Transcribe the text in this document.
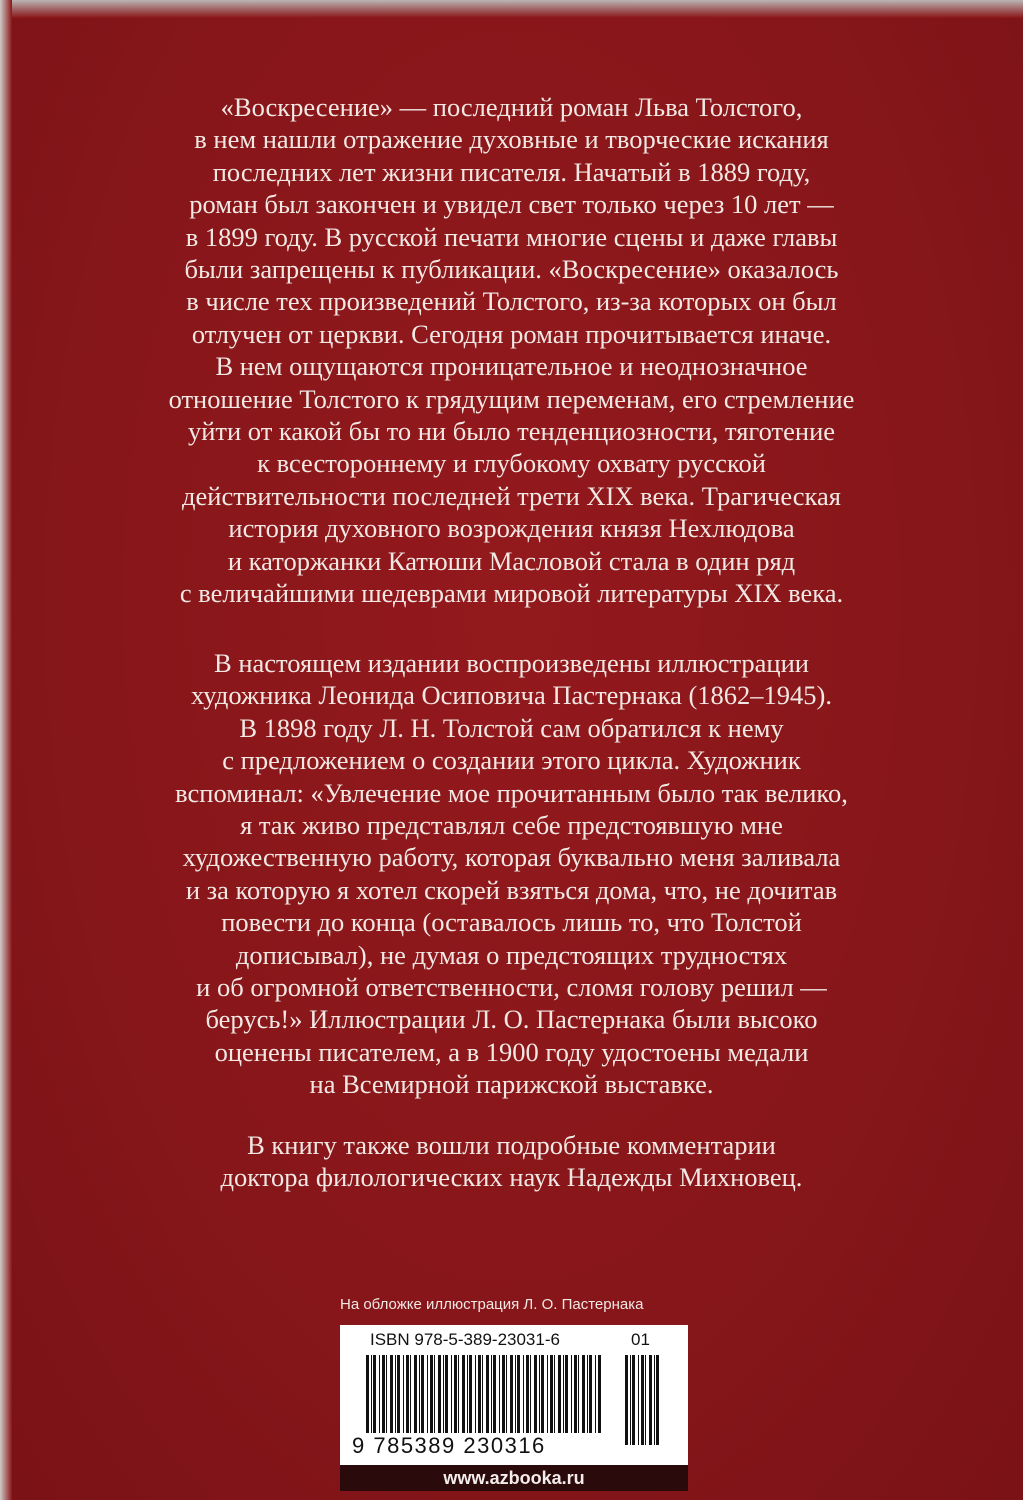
«Воскресение» — последний роман Льва Толстого,
в нем нашли отражение духовные и творческие искания
последних лет жизни писателя. Начатый в 1889 году,
роман был закончен и увидел свет только через 10 лет —
в 1899 году. В русской печати многие сцены и даже главы
были запрещены к публикации. «Воскресение» оказалось
в числе тех произведений Толстого, из-за которых он был
отлучен от церкви. Сегодня роман прочитывается иначе.
В нем ощущаются проницательное и неоднозначное
отношение Толстого к грядущим переменам, его стремление
уйти от какой бы то ни было тенденциозности, тяготение
к всестороннему и глубокому охвату русской
действительности последней трети XIX века. Трагическая
история духовного возрождения князя Нехлюдова
и каторжанки Катюши Масловой стала в один ряд
с величайшими шедеврами мировой литературы XIX века.
В настоящем издании воспроизведены иллюстрации
художника Леонида Осиповича Пастернака (1862–1945).
В 1898 году Л. Н. Толстой сам обратился к нему
с предложением о создании этого цикла. Художник
вспоминал: «Увлечение мое прочитанным было так велико,
я так живо представлял себе предстоявшую мне
художественную работу, которая буквально меня заливала
и за которую я хотел скорей взяться дома, что, не дочитав
повести до конца (оставалось лишь то, что Толстой
дописывал), не думая о предстоящих трудностях
и об огромной ответственности, сломя голову решил —
берусь!» Иллюстрации Л. О. Пастернака были высоко
оценены писателем, а в 1900 году удостоены медали
на Всемирной парижской выставке.
В книгу также вошли подробные комментарии
доктора филологических наук Надежды Михновец.
На обложке иллюстрация Л. О. Пастернака
ISBN 978-5-389-23031-6	01
9 785389 230316
www.azbooka.ru
